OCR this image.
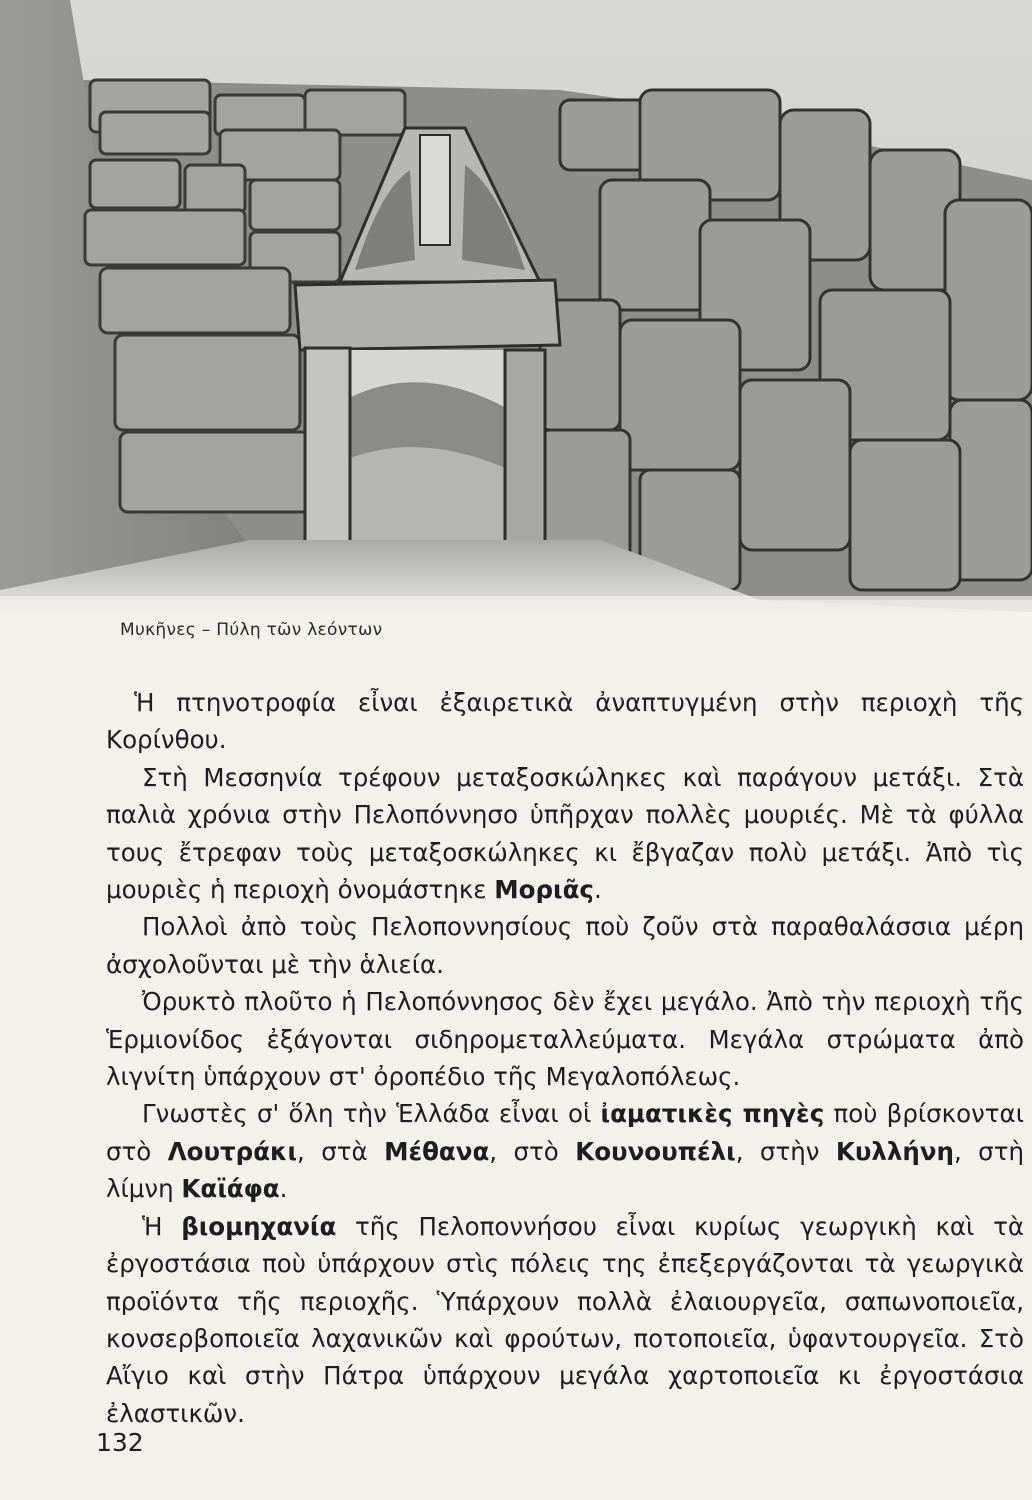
Μυκῆνες – Πύλη τῶν λεόντων

Ἡ πτηνοτροφία εἶναι ἐξαιρετικὰ ἀναπτυγμένη στὴν περιοχὴ τῆς Κορίνθου.

Στὴ Μεσσηνία τρέφουν μεταξοσκώληκες καὶ παράγουν μετάξι. Στὰ παλιὰ χρόνια στὴν Πελοπόννησο ὑπῆρχαν πολλὲς μουριές. Μὲ τὰ φύλλα τους ἔτρεφαν τοὺς μεταξοσκώληκες κι ἔβγαζαν πολὺ μετάξι. Ἀπὸ τὶς μουριὲς ἡ περιοχὴ ὀνομάστηκε Μοριᾶς.

Πολλοὶ ἀπὸ τοὺς Πελοποννησίους ποὺ ζοῦν στὰ παραθαλάσσια μέρη ἀσχολοῦνται μὲ τὴν ἁλιεία.

Ὀρυκτὸ πλοῦτο ἡ Πελοπόννησος δὲν ἔχει μεγάλο. Ἀπὸ τὴν περιοχὴ τῆς Ἑρμιονίδος ἐξάγονται σιδηρομεταλλεύματα. Μεγάλα στρώματα ἀπὸ λιγνίτη ὑπάρχουν στ' ὀροπέδιο τῆς Μεγαλοπόλεως.

Γνωστὲς σ' ὅλη τὴν Ἑλλάδα εἶναι οἱ ἰαματικὲς πηγὲς ποὺ βρίσκονται στὸ Λουτράκι, στὰ Μέθανα, στὸ Κουνουπέλι, στὴν Κυλλήνη, στὴ λίμνη Καϊάφα.

Ἡ βιομηχανία τῆς Πελοποννήσου εἶναι κυρίως γεωργικὴ καὶ τὰ ἐργοστάσια ποὺ ὑπάρχουν στὶς πόλεις της ἐπεξεργάζονται τὰ γεωργικὰ προϊόντα τῆς περιοχῆς. Ὑπάρχουν πολλὰ ἐλαιουργεῖα, σαπωνοποιεῖα, κονσερβοποιεῖα λαχανικῶν καὶ φρούτων, ποτοποιεῖα, ὑφαντουργεῖα. Στὸ Αἴγιο καὶ στὴν Πάτρα ὑπάρχουν μεγάλα χαρτοποιεῖα κι ἐργοστάσια ἐλαστικῶν.

132
